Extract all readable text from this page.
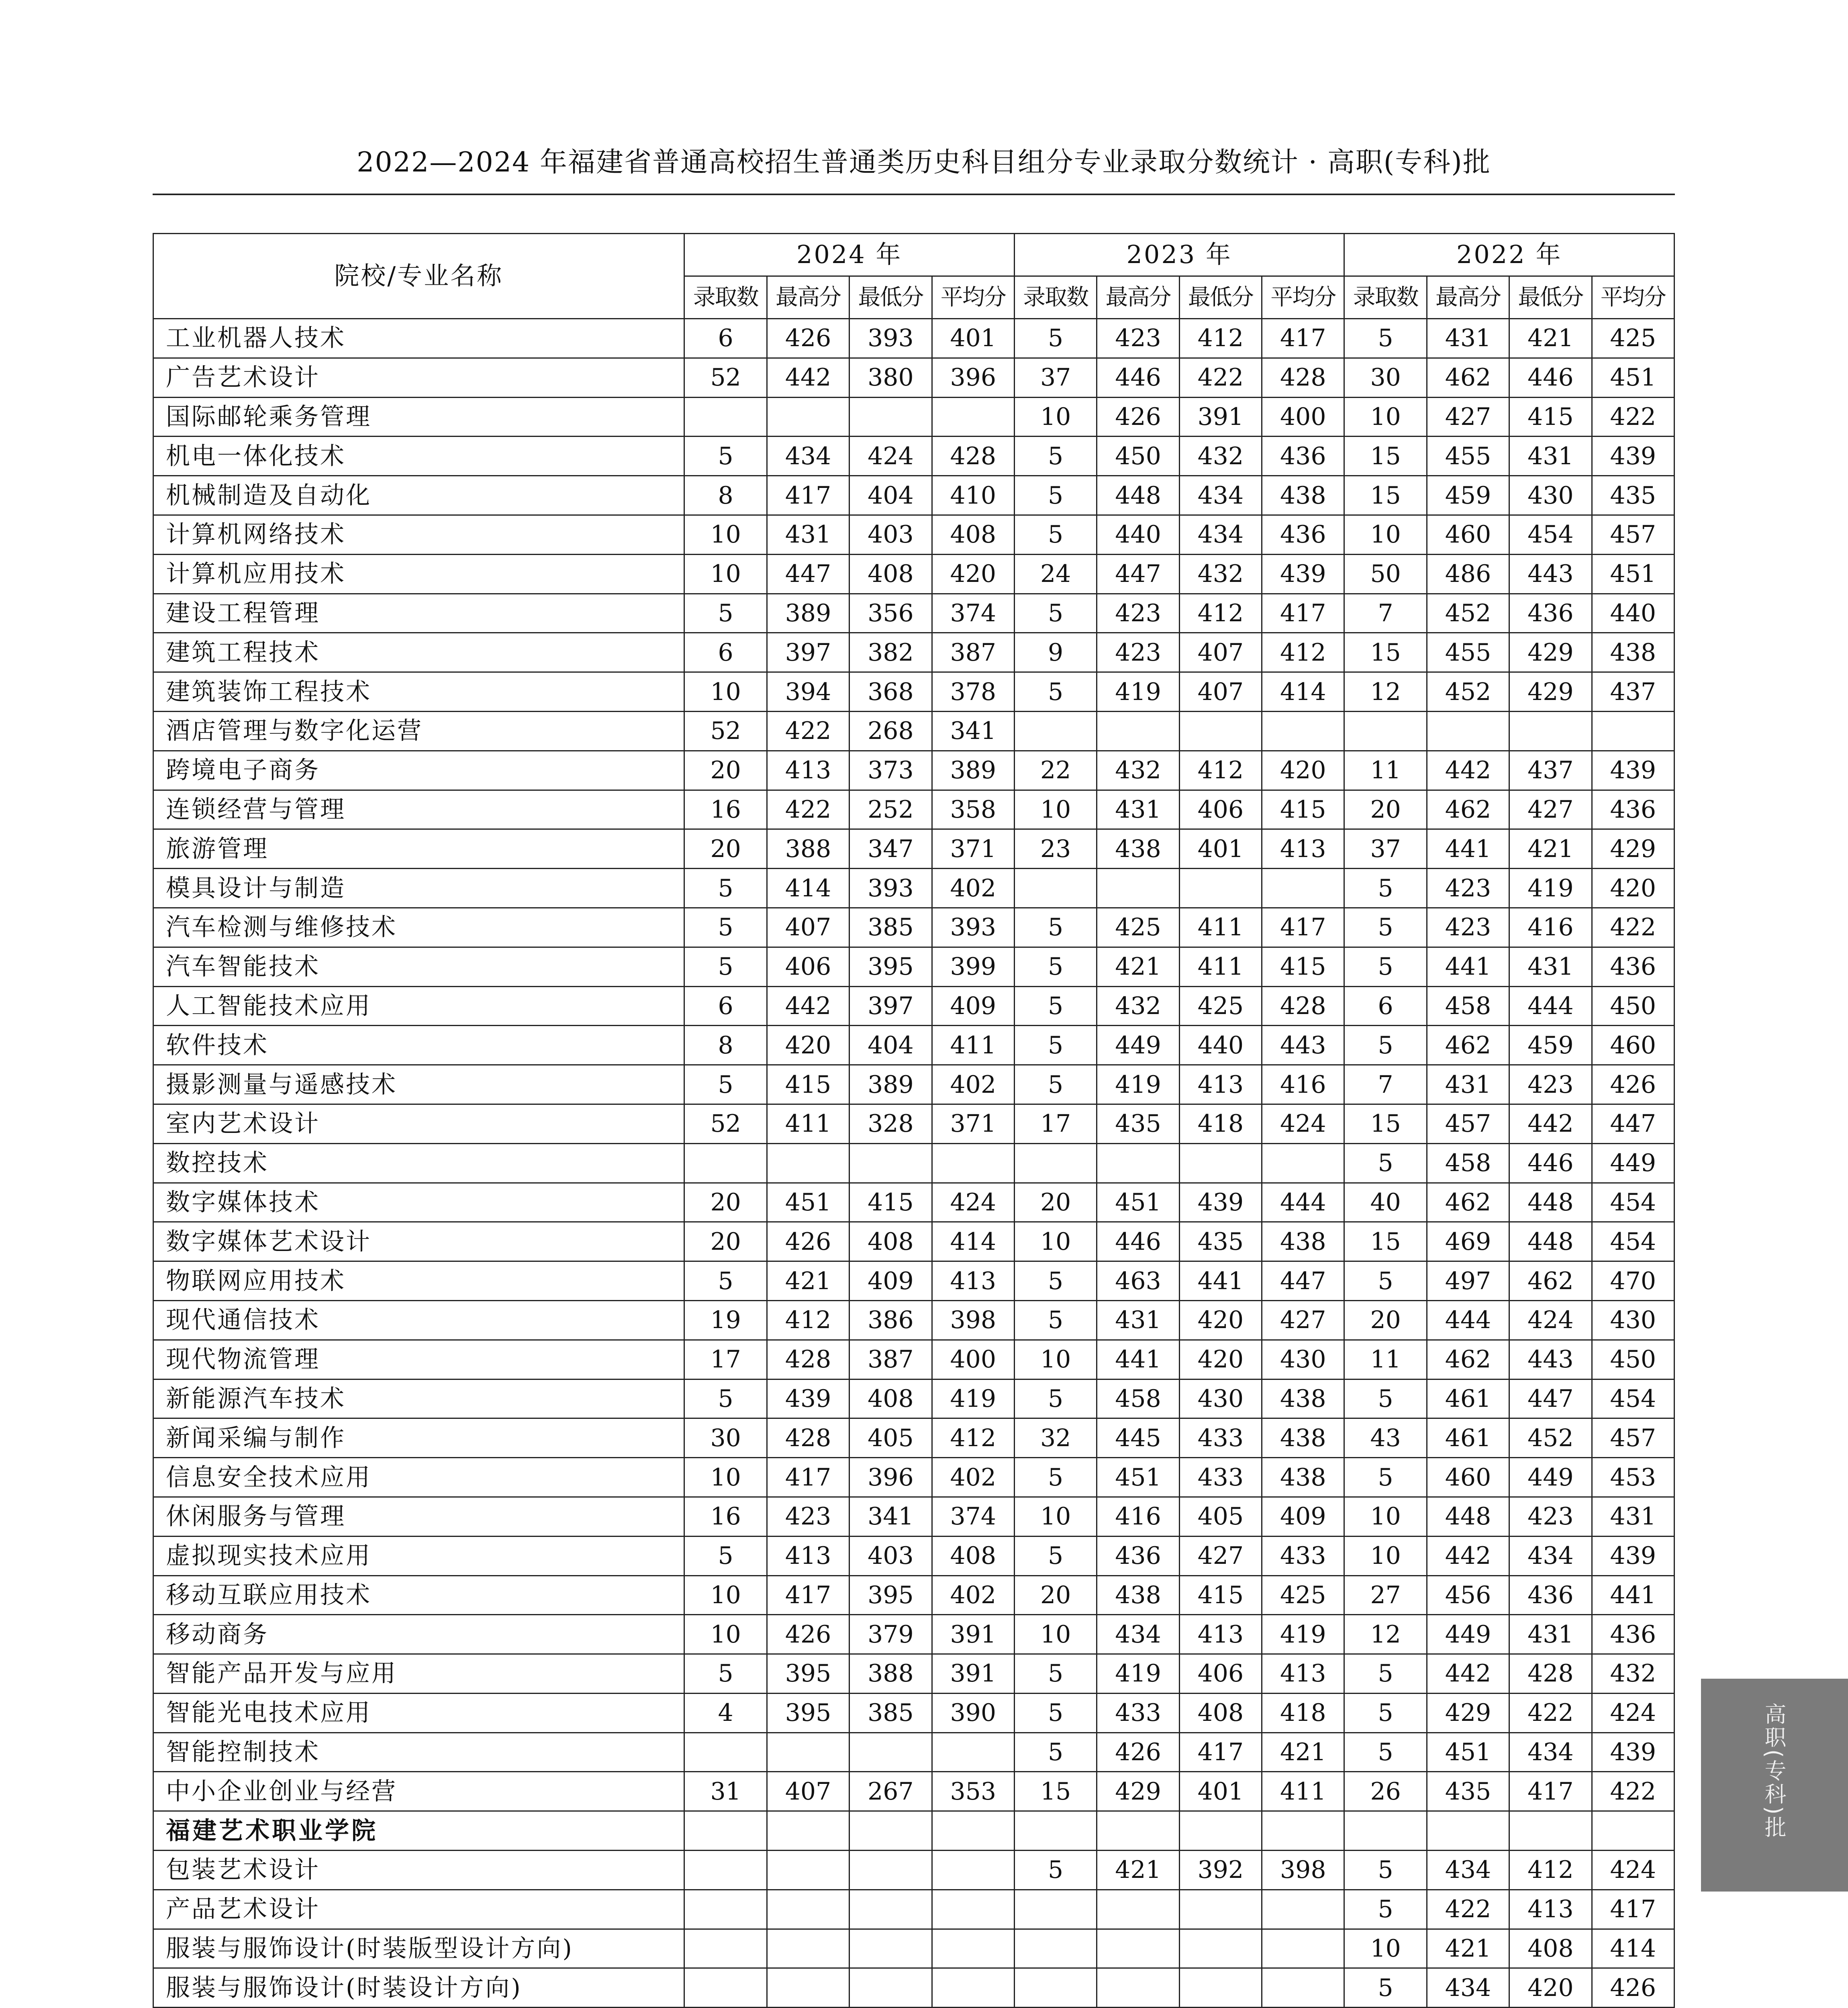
2022—2024 年福建省普通高校招生普通类历史科目组分专业录取分数统计 · 高职(专科)批
院校/专业名称	2024 年				2023 年				2022 年			
	录取数	最高分	最低分	平均分	录取数	最高分	最低分	平均分	录取数	最高分	最低分	平均分
工业机器人技术	6	426	393	401	5	423	412	417	5	431	421	425
广告艺术设计	52	442	380	396	37	446	422	428	30	462	446	451
国际邮轮乘务管理					10	426	391	400	10	427	415	422
机电一体化技术	5	434	424	428	5	450	432	436	15	455	431	439
机械制造及自动化	8	417	404	410	5	448	434	438	15	459	430	435
计算机网络技术	10	431	403	408	5	440	434	436	10	460	454	457
计算机应用技术	10	447	408	420	24	447	432	439	50	486	443	451
建设工程管理	5	389	356	374	5	423	412	417	7	452	436	440
建筑工程技术	6	397	382	387	9	423	407	412	15	455	429	438
建筑装饰工程技术	10	394	368	378	5	419	407	414	12	452	429	437
酒店管理与数字化运营	52	422	268	341								
跨境电子商务	20	413	373	389	22	432	412	420	11	442	437	439
连锁经营与管理	16	422	252	358	10	431	406	415	20	462	427	436
旅游管理	20	388	347	371	23	438	401	413	37	441	421	429
模具设计与制造	5	414	393	402					5	423	419	420
汽车检测与维修技术	5	407	385	393	5	425	411	417	5	423	416	422
汽车智能技术	5	406	395	399	5	421	411	415	5	441	431	436
人工智能技术应用	6	442	397	409	5	432	425	428	6	458	444	450
软件技术	8	420	404	411	5	449	440	443	5	462	459	460
摄影测量与遥感技术	5	415	389	402	5	419	413	416	7	431	423	426
室内艺术设计	52	411	328	371	17	435	418	424	15	457	442	447
数控技术									5	458	446	449
数字媒体技术	20	451	415	424	20	451	439	444	40	462	448	454
数字媒体艺术设计	20	426	408	414	10	446	435	438	15	469	448	454
物联网应用技术	5	421	409	413	5	463	441	447	5	497	462	470
现代通信技术	19	412	386	398	5	431	420	427	20	444	424	430
现代物流管理	17	428	387	400	10	441	420	430	11	462	443	450
新能源汽车技术	5	439	408	419	5	458	430	438	5	461	447	454
新闻采编与制作	30	428	405	412	32	445	433	438	43	461	452	457
信息安全技术应用	10	417	396	402	5	451	433	438	5	460	449	453
休闲服务与管理	16	423	341	374	10	416	405	409	10	448	423	431
虚拟现实技术应用	5	413	403	408	5	436	427	433	10	442	434	439
移动互联应用技术	10	417	395	402	20	438	415	425	27	456	436	441
移动商务	10	426	379	391	10	434	413	419	12	449	431	436
智能产品开发与应用	5	395	388	391	5	419	406	413	5	442	428	432
智能光电技术应用	4	395	385	390	5	433	408	418	5	429	422	424
智能控制技术					5	426	417	421	5	451	434	439
中小企业创业与经营	31	407	267	353	15	429	401	411	26	435	417	422
福建艺术职业学院												
包装艺术设计					5	421	392	398	5	434	412	424
产品艺术设计									5	422	413	417
服装与服饰设计(时装版型设计方向)									10	421	408	414
服装与服饰设计(时装设计方向)									5	434	420	426

高职(专科)批
